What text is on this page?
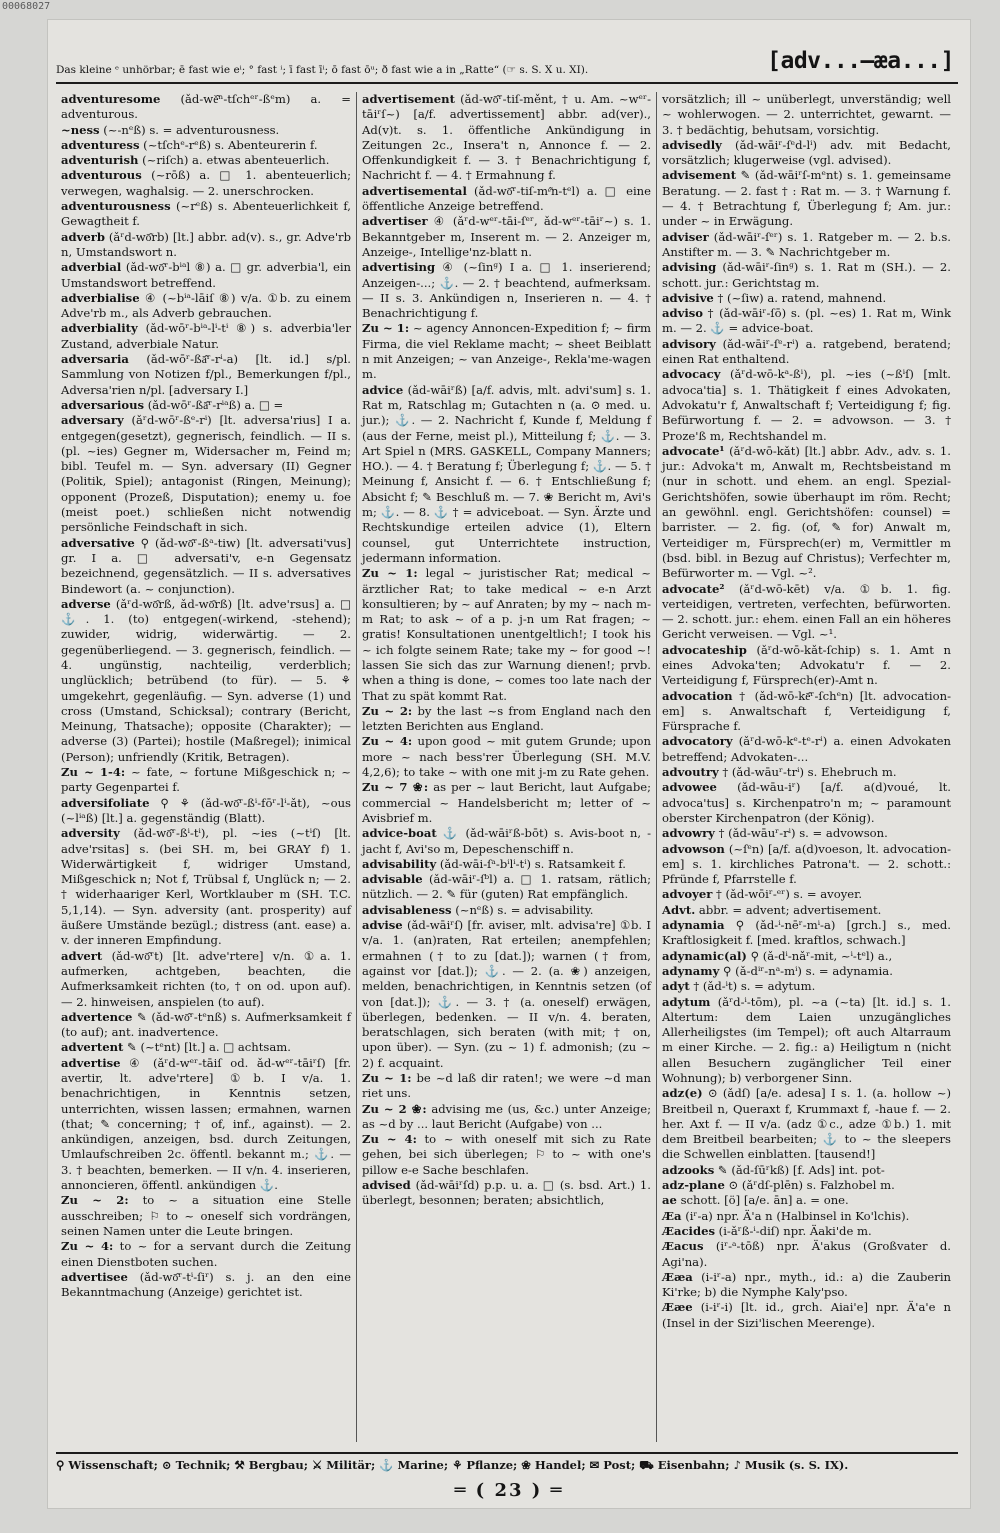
00068027
Das kleine ᵉ unhörbar; ē fast wie eⁱ; ° fast ⁱ; ī fast īⁱ; ō fast ōᵘ; ð fast wie a in „Ratte“ (☞ s. S. X u. XI).	[adv...—æa...]

adventuresome (ǎd-wě͂ⁿ-tſchᵉʳ-ßᵉm) a. = adventurous.

~ness (~-nᵉß) s. = adventurousness.

adventuress (~tſchᵉ-rᵉß) s. Abenteurerin f.

adventurish (~riſch) a. etwas abenteuerlich.

adventurous (~rōß) a. □ 1. abenteuerlich; verwegen, waghalsig. — 2. unerschrocken.

adventurousness (~rᵉß) s. Abenteuerlichkeit f, Gewagtheit f.

adverb (ǎʳd-wō͂rb) [lt.] abbr. ad(v). s., gr. Adve'rb n, Umstandswort n.

adverbial (ǎd-wō͂ʳ-bⁱᵃl ⑧) a. □ gr. adverbia'l, ein Umstandswort betreffend.

adverbialise ④ (~bⁱᵃ-lāiſ ⑧) v/a. ①b. zu einem Adve'rb m., als Adverb gebrauchen.

adverbiality (ǎd-wōʳ-bⁱᵃ-lⁱ-tⁱ ⑧) s. adverbia'ler Zustand, adverbiale Natur.

adversaria (ǎd-wōʳ-ßā͂ʳ-rⁱ-a) [lt. id.] s/pl. Sammlung von Notizen f/pl., Bemerkungen f/pl., Adversa'rien n/pl. [adversary I.]

adversarious (ǎd-wōʳ-ßā͂ʳ-rⁱᵃß) a. □ =

adversary (ǎʳd-wōʳ-ßᵉ-rⁱ) [lt. adversa'rius] I a. entgegen(gesetzt), gegnerisch, feindlich. — II s. (pl. ~ies) Gegner m, Widersacher m, Feind m; bibl. Teufel m. — Syn. adversary (II) Gegner (Politik, Spiel); antagonist (Ringen, Meinung); opponent (Prozeß, Disputation); enemy u. foe (meist poet.) schließen nicht notwendig persönliche Feindschaft in sich.

adversative ⚲ (ǎd-wō͂ʳ-ßᵃ-tiw) [lt. adversati'vus] gr. I a. □ adversati'v, e-n Gegensatz bezeichnend, gegensätzlich. — II s. adversatives Bindewort (a. ~ conjunction).

adverse (ǎʳd-wō͂rß, ǎd-wō͂rß) [lt. adve'rsus] a. □ ⚓. 1. (to) entgegen(-wirkend, -stehend); zuwider, widrig, widerwärtig. — 2. gegenüberliegend. — 3. gegnerisch, feindlich. — 4. ungünstig, nachteilig, verderblich; unglücklich; betrübend (to für). — 5. ⚘ umgekehrt, gegenläufig. — Syn. adverse (1) und cross (Umstand, Schicksal); contrary (Bericht, Meinung, Thatsache); opposite (Charakter); — adverse (3) (Partei); hostile (Maßregel); inimical (Person); unfriendly (Kritik, Betragen).

Zu ~ 1-4: ~ fate, ~ fortune Mißgeschick n; ~ party Gegenpartei f.

adversifoliate ⚲ ⚘ (ǎd-wō͂ʳ-ßⁱ-fōʳ-lⁱ-ǎt), ~ous (~lⁱᵃß) [lt.] a. gegenständig (Blatt).

adversity (ǎd-wō͂ʳ-ßⁱ-tⁱ), pl. ~ies (~tⁱſ) [lt. adve'rsitas] s. (bei SH. m, bei GRAY f) 1. Widerwärtigkeit f, widriger Umstand, Mißgeschick n; Not f, Trübsal f, Unglück n; — 2. † widerhaariger Kerl, Wortklauber m (SH. T.C. 5,1,14). — Syn. adversity (ant. prosperity) auf äußere Umstände bezügl.; distress (ant. ease) a. v. der inneren Empfindung.

advert (ǎd-wō͂ʳt) [lt. adve'rtere] v/n. ①a. 1. aufmerken, achtgeben, beachten, die Aufmerksamkeit richten (to, † on od. upon auf). — 2. hinweisen, anspielen (to auf).

advertence ✎ (ǎd-wō͂ʳ-tᵉnß) s. Aufmerksamkeit f (to auf); ant. inadvertence.

advertent ✎ (~tᵉnt) [lt.] a. □ achtsam.

advertise ④ (ǎʳd-wᵉʳ-tāiſ od. ǎd-wᵉʳ-tāiʳſ) [fr. avertir, lt. adve'rtere] ①b. I v/a. 1. benachrichtigen, in Kenntnis setzen, unterrichten, wissen lassen; ermahnen, warnen (that; ✎ concerning; † of, inf., against). — 2. ankündigen, anzeigen, bsd. durch Zeitungen, Umlaufschreiben 2c. öffentl. bekannt m.; ⚓. — 3. † beachten, bemerken. — II v/n. 4. inserieren, annoncieren, öffentl. ankündigen ⚓.

Zu ~ 2: to ~ a situation eine Stelle ausschreiben; ⚐ to ~ oneself sich vordrängen, seinen Namen unter die Leute bringen.

Zu ~ 4: to ~ for a servant durch die Zeitung einen Dienstboten suchen.

advertisee (ǎd-wō͂ʳ-tⁱ-ſiʳ) s. j. an den eine Bekanntmachung (Anzeige) gerichtet ist.

advertisement (ǎd-wō͂ʳ-tiſ-měnt, † u. Am. ~wᵉʳ-tāiʳſ~) [a/f. advertissement] abbr. ad(ver)., Ad(v)t. s. 1. öffentliche Ankündigung in Zeitungen 2c., Insera't n, Annonce f. — 2. Offenkundigkeit f. — 3. † Benachrichtigung f, Nachricht f. — 4. † Ermahnung f.

advertisemental (ǎd-wō͂ʳ-tiſ-mᵉ͂n-tᵉl) a. □ eine öffentliche Anzeige betreffend.

advertiser ④ (ǎʳd-wᵉʳ-tāi-ſᵉʳ, ǎd-wᵉʳ-tāiʳ~) s. 1. Bekanntgeber m, Inserent m. — 2. Anzeiger m, Anzeige-, Intellige'nz-blatt n.

advertising ④ (~ſinᶢ) I a. □ 1. inserierend; Anzeigen-...; ⚓. — 2. † beachtend, aufmerksam. — II s. 3. Ankündigen n, Inserieren n. — 4. † Benachrichtigung f.

Zu ~ 1: ~ agency Annoncen-Expedition f; ~ firm Firma, die viel Reklame macht; ~ sheet Beiblatt n mit Anzeigen; ~ van Anzeige-, Rekla'me-wagen m.

advice (ǎd-wāiʳß) [a/f. advis, mlt. advi'sum] s. 1. Rat m, Ratschlag m; Gutachten n (a. ⊙ med. u. jur.); ⚓. — 2. Nachricht f, Kunde f, Meldung f (aus der Ferne, meist pl.), Mitteilung f; ⚓. — 3. Art Spiel n (MRS. GASKELL, Company Manners; HO.). — 4. † Beratung f; Überlegung f; ⚓. — 5. † Meinung f, Ansicht f. — 6. † Entschließung f; Absicht f; ✎ Beschluß m. — 7. ❀ Bericht m, Avi's m; ⚓. — 8. ⚓ † = adviceboat. — Syn. Ärzte und Rechtskundige erteilen advice (1), Eltern counsel, gut Unterrichtete instruction, jedermann information.

Zu ~ 1: legal ~ juristischer Rat; medical ~ ärztlicher Rat; to take medical ~ e-n Arzt konsultieren; by ~ auf Anraten; by my ~ nach m-m Rat; to ask ~ of a p. j-n um Rat fragen; ~ gratis! Konsultationen unentgeltlich!; I took his ~ ich folgte seinem Rate; take my ~ for good ~! lassen Sie sich das zur Warnung dienen!; prvb. when a thing is done, ~ comes too late nach der That zu spät kommt Rat.

Zu ~ 2: by the last ~s from England nach den letzten Berichten aus England.

Zu ~ 4: upon good ~ mit gutem Grunde; upon more ~ nach bess'rer Überlegung (SH. M.V. 4,2,6); to take ~ with one mit j-m zu Rate gehen.

Zu ~ 7 ❀: as per ~ laut Bericht, laut Aufgabe; commercial ~ Handelsbericht m; letter of ~ Avisbrief m.

advice-boat ⚓ (ǎd-wāiʳß-bōt) s. Avis-boot n, -jacht f, Avi'so m, Depeschenschiff n.

advisability (ǎd-wāi-ſᵃ-bⁱlⁱ-tⁱ) s. Ratsamkeit f.

advisable (ǎd-wāiʳ-ſᵇl) a. □ 1. ratsam, rätlich; nützlich. — 2. ✎ für (guten) Rat empfänglich.

advisableness (~nᵉß) s. = advisability.

advise (ǎd-wāiʳſ) [fr. aviser, mlt. advisa're] ①b. I v/a. 1. (an)raten, Rat erteilen; anempfehlen; ermahnen († to zu [dat.]); warnen († from, against vor [dat.]); ⚓. — 2. (a. ❀) anzeigen, melden, benachrichtigen, in Kenntnis setzen (of von [dat.]); ⚓. — 3. † (a. oneself) erwägen, überlegen, bedenken. — II v/n. 4. beraten, beratschlagen, sich beraten (with mit; † on, upon über). — Syn. (zu ~ 1) f. admonish; (zu ~ 2) f. acquaint.

Zu ~ 1: be ~d laß dir raten!; we were ~d man riet uns.

Zu ~ 2 ❀: advising me (us, &c.) unter Anzeige; as ~d by ... laut Bericht (Aufgabe) von ...

Zu ~ 4: to ~ with oneself mit sich zu Rate gehen, bei sich überlegen; ⚐ to ~ with one's pillow e-e Sache beschlafen.

advised (ǎd-wāiʳſd) p.p. u. a. □ (s. bsd. Art.) 1. überlegt, besonnen; beraten; absichtlich,

vorsätzlich; ill ~ unüberlegt, unverständig; well ~ wohlerwogen. — 2. unterrichtet, gewarnt. — 3. † bedächtig, behutsam, vorsichtig.

advisedly (ǎd-wāiʳ-ſᵉd-lⁱ) adv. mit Bedacht, vorsätzlich; klugerweise (vgl. advised).

advisement ✎ (ǎd-wāiʳſ-mᵉnt) s. 1. gemeinsame Beratung. — 2. fast † : Rat m. — 3. † Warnung f. — 4. † Betrachtung f, Überlegung f; Am. jur.: under ~ in Erwägung.

adviser (ǎd-wāiʳ-ſᵉʳ) s. 1. Ratgeber m. — 2. b.s. Anstifter m. — 3. ✎ Nachrichtgeber m.

advising (ǎd-wāiʳ-ſinᶢ) s. 1. Rat m (SH.). — 2. schott. jur.: Gerichtstag m.

advisive † (~ſiw) a. ratend, mahnend.

adviso † (ǎd-wāiʳ-ſō) s. (pl. ~es) 1. Rat m, Wink m. — 2. ⚓ = advice-boat.

advisory (ǎd-wāiʳ-ſᵉ-rⁱ) a. ratgebend, beratend; einen Rat enthaltend.

advocacy (ǎʳd-wō-kᵃ-ßⁱ), pl. ~ies (~ßⁱſ) [mlt. advoca'tia] s. 1. Thätigkeit f eines Advokaten, Advokatu'r f, Anwaltschaft f; Verteidigung f; fig. Befürwortung f. — 2. = advowson. — 3. † Proze'ß m, Rechtshandel m.

advocate¹ (ǎʳd-wō-kǎt) [lt.] abbr. Adv., adv. s. 1. jur.: Advoka't m, Anwalt m, Rechtsbeistand m (nur in schott. und ehem. an engl. Spezial-Gerichtshöfen, sowie überhaupt im röm. Recht; an gewöhnl. engl. Gerichtshöfen: counsel) = barrister. — 2. fig. (of, ✎ for) Anwalt m, Verteidiger m, Fürsprech(er) m, Vermittler m (bsd. bibl. in Bezug auf Christus); Verfechter m, Befürworter m. — Vgl. ~².

advocate² (ǎʳd-wō-kēt) v/a. ①b. 1. fig. verteidigen, vertreten, verfechten, befürworten. — 2. schott. jur.: ehem. einen Fall an ein höheres Gericht verweisen. — Vgl. ~¹.

advocateship (ǎʳd-wō-kǎt-ſchip) s. 1. Amt n eines Advoka'ten; Advokatu'r f. — 2. Verteidigung f, Fürsprech(er)-Amt n.

advocation † (ǎd-wō-kē͂ʳ-ſchᵉn) [lt. advocation-em] s. Anwaltschaft f, Verteidigung f, Fürsprache f.

advocatory (ǎʳd-wō-kᵉ-tᵉ-rⁱ) a. einen Advokaten betreffend; Advokaten-...

advoutry † (ǎd-wāuʳ-trⁱ) s. Ehebruch m.

advowee (ǎd-wāu-iʳ) [a/f. a(d)voué, lt. advoca'tus] s. Kirchenpatro'n m; ~ paramount oberster Kirchenpatron (der König).

advowry † (ǎd-wāuʳ-rⁱ) s. = advowson.

advowson (~ſᵉn) [a/f. a(d)voeson, lt. advocation-em] s. 1. kirchliches Patrona't. — 2. schott.: Pfründe f, Pfarrstelle f.

advoyer † (ǎd-wōiʳ-ᵉʳ) s. = avoyer.

Advt. abbr. = advent; advertisement.

adynamia ⚲ (ǎd-ⁱ-nēʳ-mⁱ-a) [grch.] s., med. Kraftlosigkeit f. [med. kraftlos, schwach.]

adynamic(al) ⚲ (ǎ-dⁱ-nǎʳ-mit, ~ⁱ-tᵉl) a.,

adynamy ⚲ (ǎ-dⁱʳ-nᵃ-mⁱ) s. = adynamia.

adyt † (ǎd-ⁱt) s. = adytum.

adytum (ǎʳd-ⁱ-tōm), pl. ~a (~ta) [lt. id.] s. 1. Altertum: dem Laien unzugängliches Allerheiligstes (im Tempel); oft auch Altarraum m einer Kirche. — 2. fig.: a) Heiligtum n (nicht allen Besuchern zugänglicher Teil einer Wohnung); b) verborgener Sinn.

adz(e) ⊙ (ǎdſ) [a/e. adesa] I s. 1. (a. hollow ~) Breitbeil n, Queraxt f, Krummaxt f, -haue f. — 2. her. Axt f. — II v/a. (adz ①c., adze ①b.) 1. mit dem Breitbeil bearbeiten; ⚓ to ~ the sleepers die Schwellen einblatten. [tausend!]

adzooks ✎ (ǎd-ſūʳkß) [f. Ads] int. pot-

adz-plane ⊙ (ǎʳdſ-plēn) s. Falzhobel m.

ae schott. [ö] [a/e. ān] a. = one.

Æa (iʳ-a) npr. Ä'a n (Halbinsel in Ko'lchis).

Æacides (i-ǎʳß-ⁱ-diſ) npr. Äaki'de m.

Æacus (iʳ-ᵃ-tōß) npr. Ä'akus (Großvater d. Agi'na).

Ææa (i-iʳ-a) npr., myth., id.: a) die Zauberin Ki'rke; b) die Nymphe Kaly'pso.

Ææe (i-iʳ-i) [lt. id., grch. Aiai'e] npr. Ä'a'e n (Insel in der Sizi'lischen Meerenge).

⚲ Wissenschaft; ⊙ Technik; ⚒ Bergbau; ⚔ Militär; ⚓ Marine; ⚘ Pflanze; ❀ Handel; ✉ Post; ⛟ Eisenbahn; ♪ Musik (s. S. IX).
═ ( 23 ) ═
